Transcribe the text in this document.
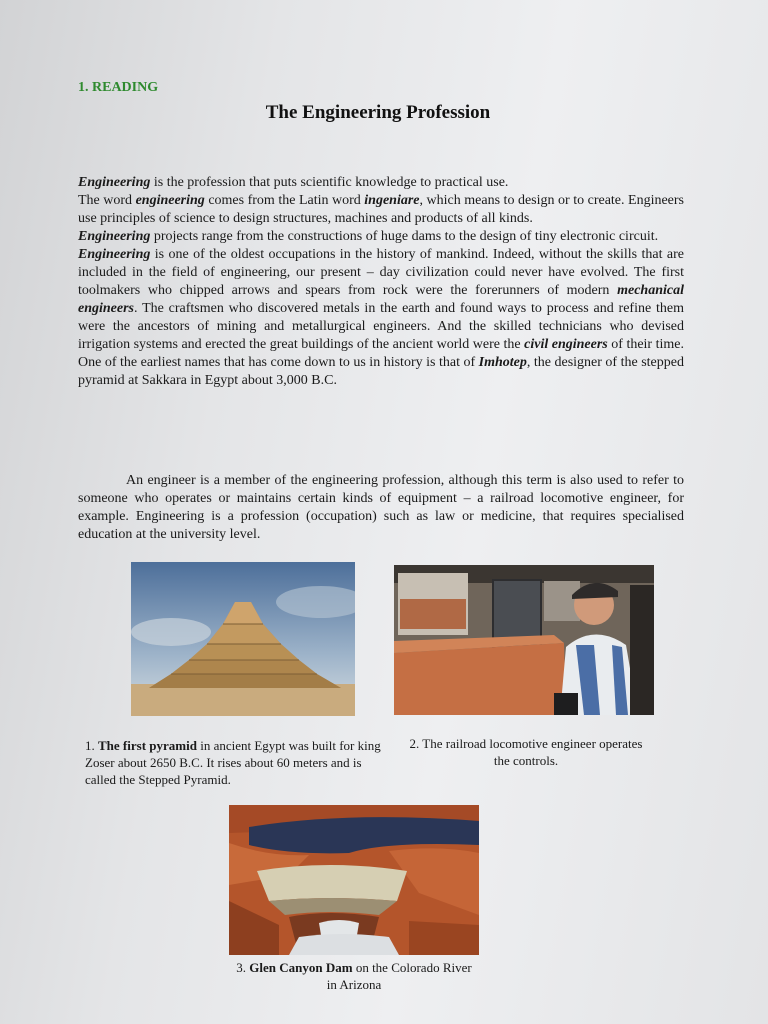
1. READING
The Engineering Profession

Engineering is the profession that puts scientific knowledge to practical use.

The word engineering comes from the Latin word ingeniare, which means to design or to create. Engineers use principles of science to design structures, machines and products of all kinds.

Engineering projects range from the constructions of huge dams to the design of tiny electronic circuit.

Engineering is one of the oldest occupations in the history of mankind. Indeed, without the skills that are included in the field of engineering, our present – day civilization could never have evolved. The first toolmakers who chipped arrows and spears from rock were the forerunners of modern mechanical engineers. The craftsmen who discovered metals in the earth and found ways to process and refine them were the ancestors of mining and metallurgical engineers. And the skilled technicians who devised irrigation systems and erected the great buildings of the ancient world were the civil engineers of their time. One of the earliest names that has come down to us in history is that of Imhotep, the designer of the stepped pyramid at Sakkara in Egypt about 3,000 B.C.

An engineer is a member of the engineering profession, although this term is also used to refer to someone who operates or maintains certain kinds of equipment – a railroad locomotive engineer, for example. Engineering is a profession (occupation) such as law or medicine, that requires specialised education at the university level.

1. The first pyramid in ancient Egypt was built for king Zoser about 2650 B.C. It rises about 60 meters and is called the Stepped Pyramid.
2. The railroad locomotive engineer operates the controls.
3. Glen Canyon Dam on the Colorado River in Arizona
